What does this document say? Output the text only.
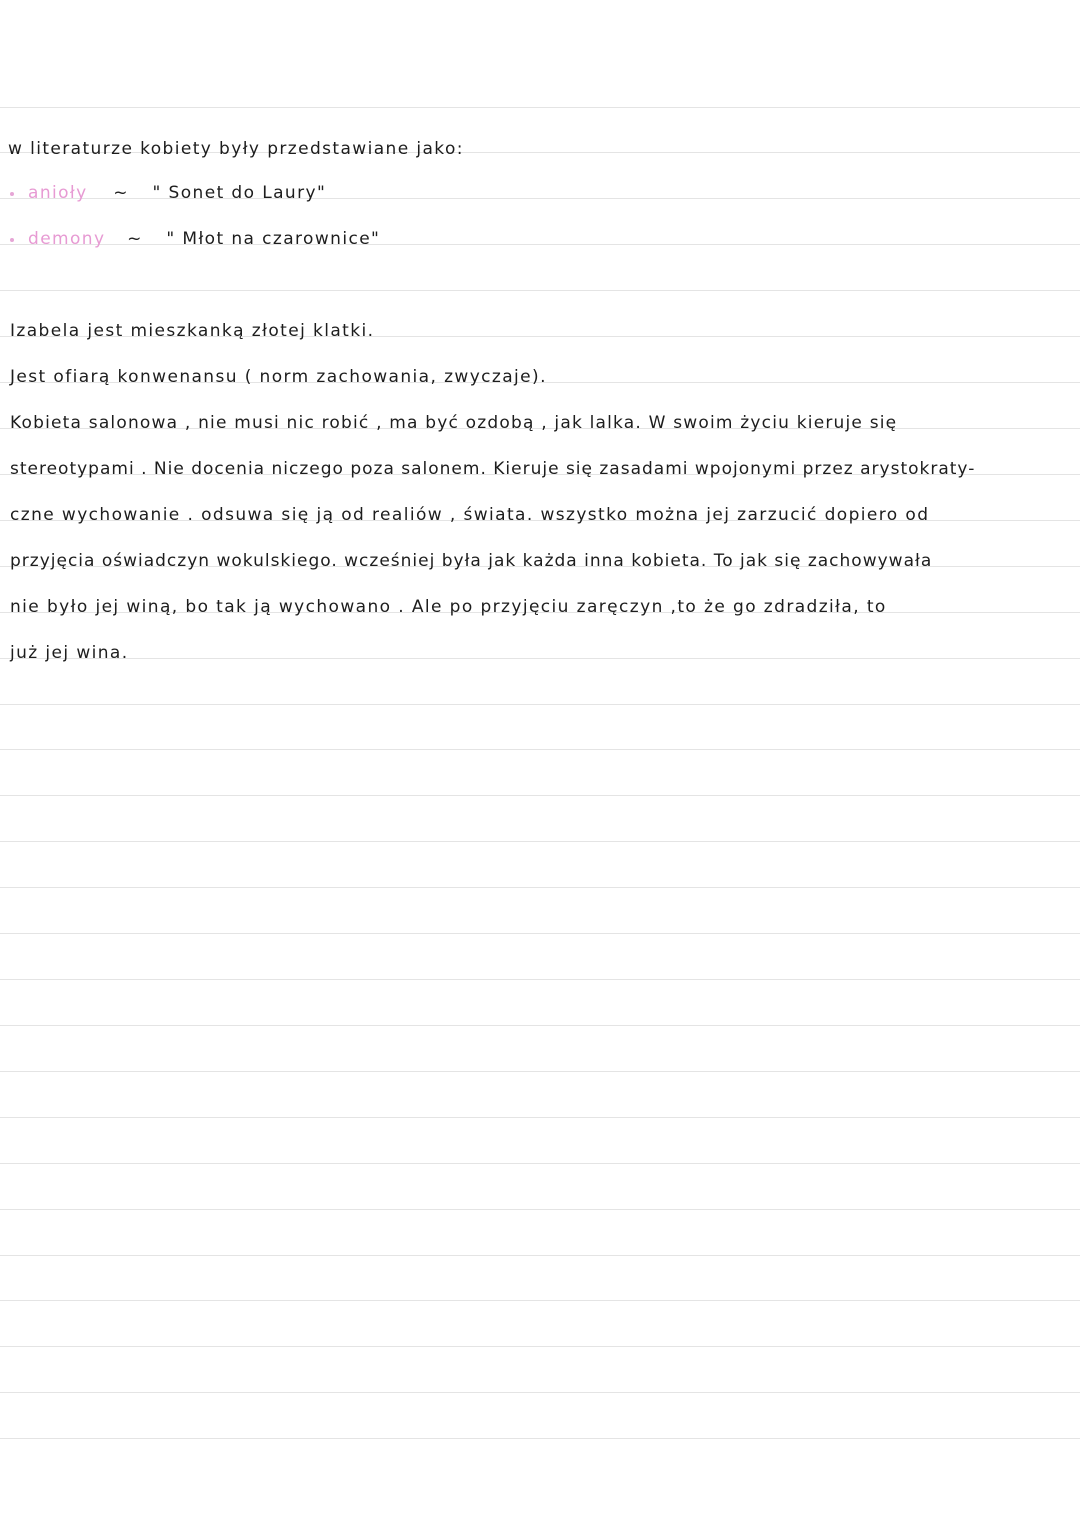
w literaturze kobiety były przedstawiane jako:
anioły ~ " Sonet do Laury"
demony ~ " Młot na czarownice"
Izabela jest mieszkanką złotej klatki.
Jest ofiarą konwenansu ( norm zachowania, zwyczaje).
Kobieta salonowa , nie musi nic robić , ma być ozdobą , jak lalka. W swoim życiu kieruje się
stereotypami . Nie docenia niczego poza salonem. Kieruje się zasadami wpojonymi przez arystokraty-
czne wychowanie . odsuwa się ją od realiów , świata. wszystko można jej zarzucić dopiero od
przyjęcia oświadczyn wokulskiego. wcześniej była jak każda inna kobieta. To jak się zachowywała
nie było jej winą, bo tak ją wychowano . Ale po przyjęciu zaręczyn ,to że go zdradziła, to
już jej wina.
